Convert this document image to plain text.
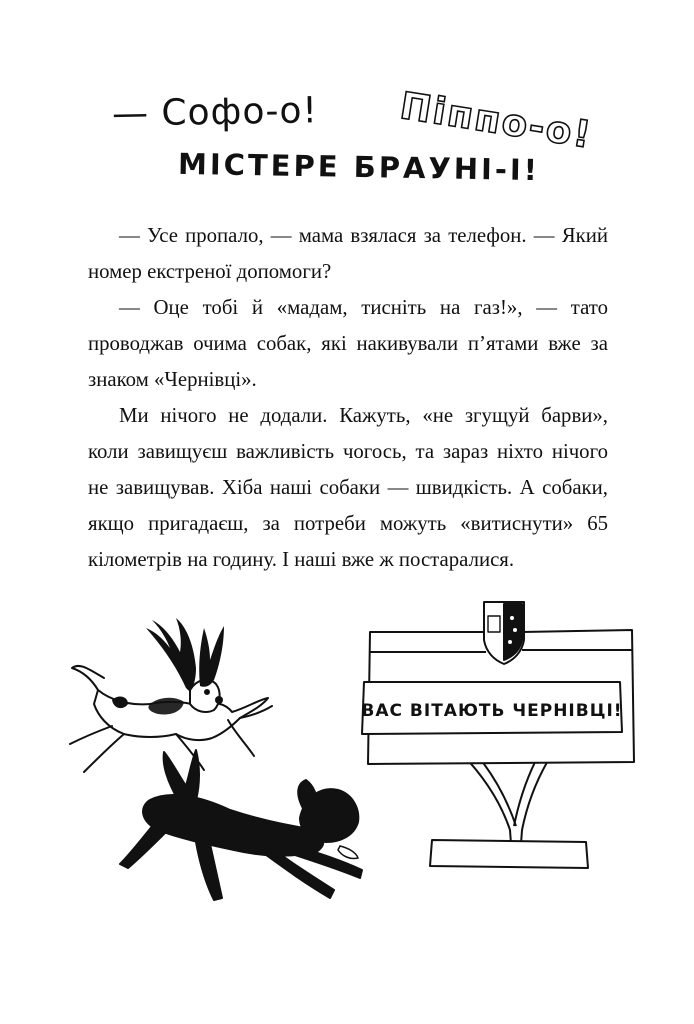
— Софо-о! Піппо-о!
МІСТЕРЕ БРАУНІ-І!

— Усе пропало, — мама взялася за телефон. — Який номер екстреної допомоги?

— Оце тобі й «мадам, тисніть на газ!», — тато проводжав очима собак, які накивували п’ятами вже за знаком «Чернівці».

Ми нічого не додали. Кажуть, «не згущуй барви», коли завищуєш важливість чогось, та зараз ніхто нічого не завищував. Хіба наші собаки — швидкість. А собаки, якщо пригадаєш, за потреби можуть «витиснути» 65 кілометрів на годину. І наші вже ж постаралися.

ВАС ВІТАЮТЬ ЧЕРНІВЦІ!
